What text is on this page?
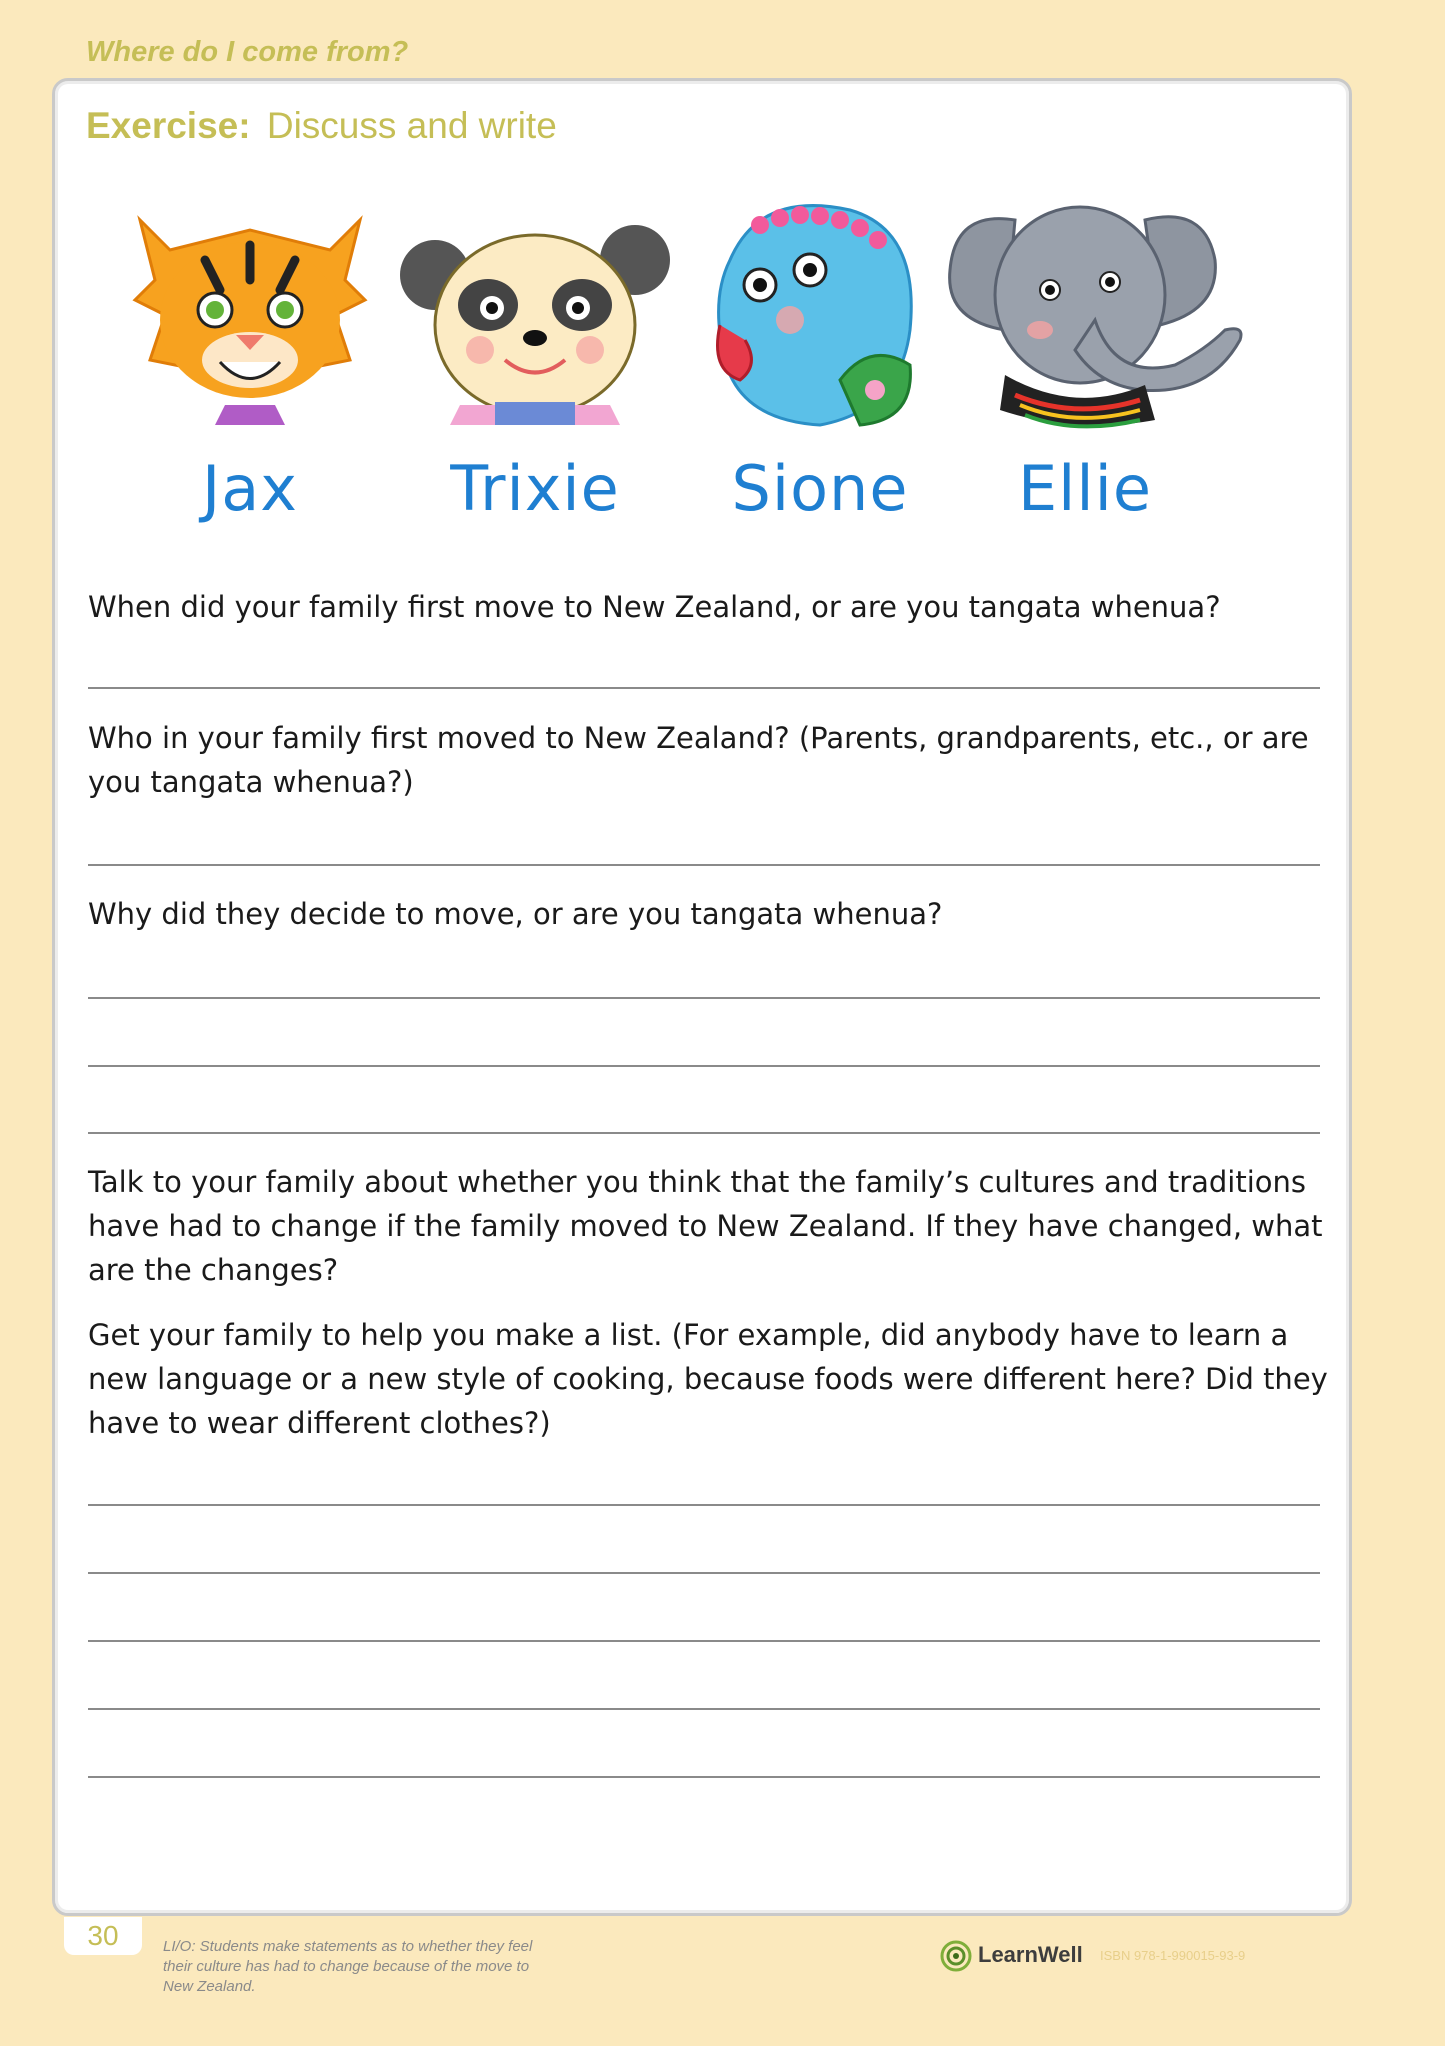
Where do I come from?
Exercise: Discuss and write
Jax	Trixie	Sione	Ellie
When did your family first move to New Zealand, or are you tangata whenua?
Who in your family first moved to New Zealand? (Parents, grandparents, etc., or are you tangata whenua?)
Why did they decide to move, or are you tangata whenua?
Talk to your family about whether you think that the family’s cultures and traditions have had to change if the family moved to New Zealand. If they have changed, what are the changes?
Get your family to help you make a list. (For example, did anybody have to learn a new language or a new style of cooking, because foods were different here? Did they have to wear different clothes?)
30	LI/O: Students make statements as to whether they feel their culture has had to change because of the move to New Zealand.
LearnWell ISBN 978-1-990015-93-9
